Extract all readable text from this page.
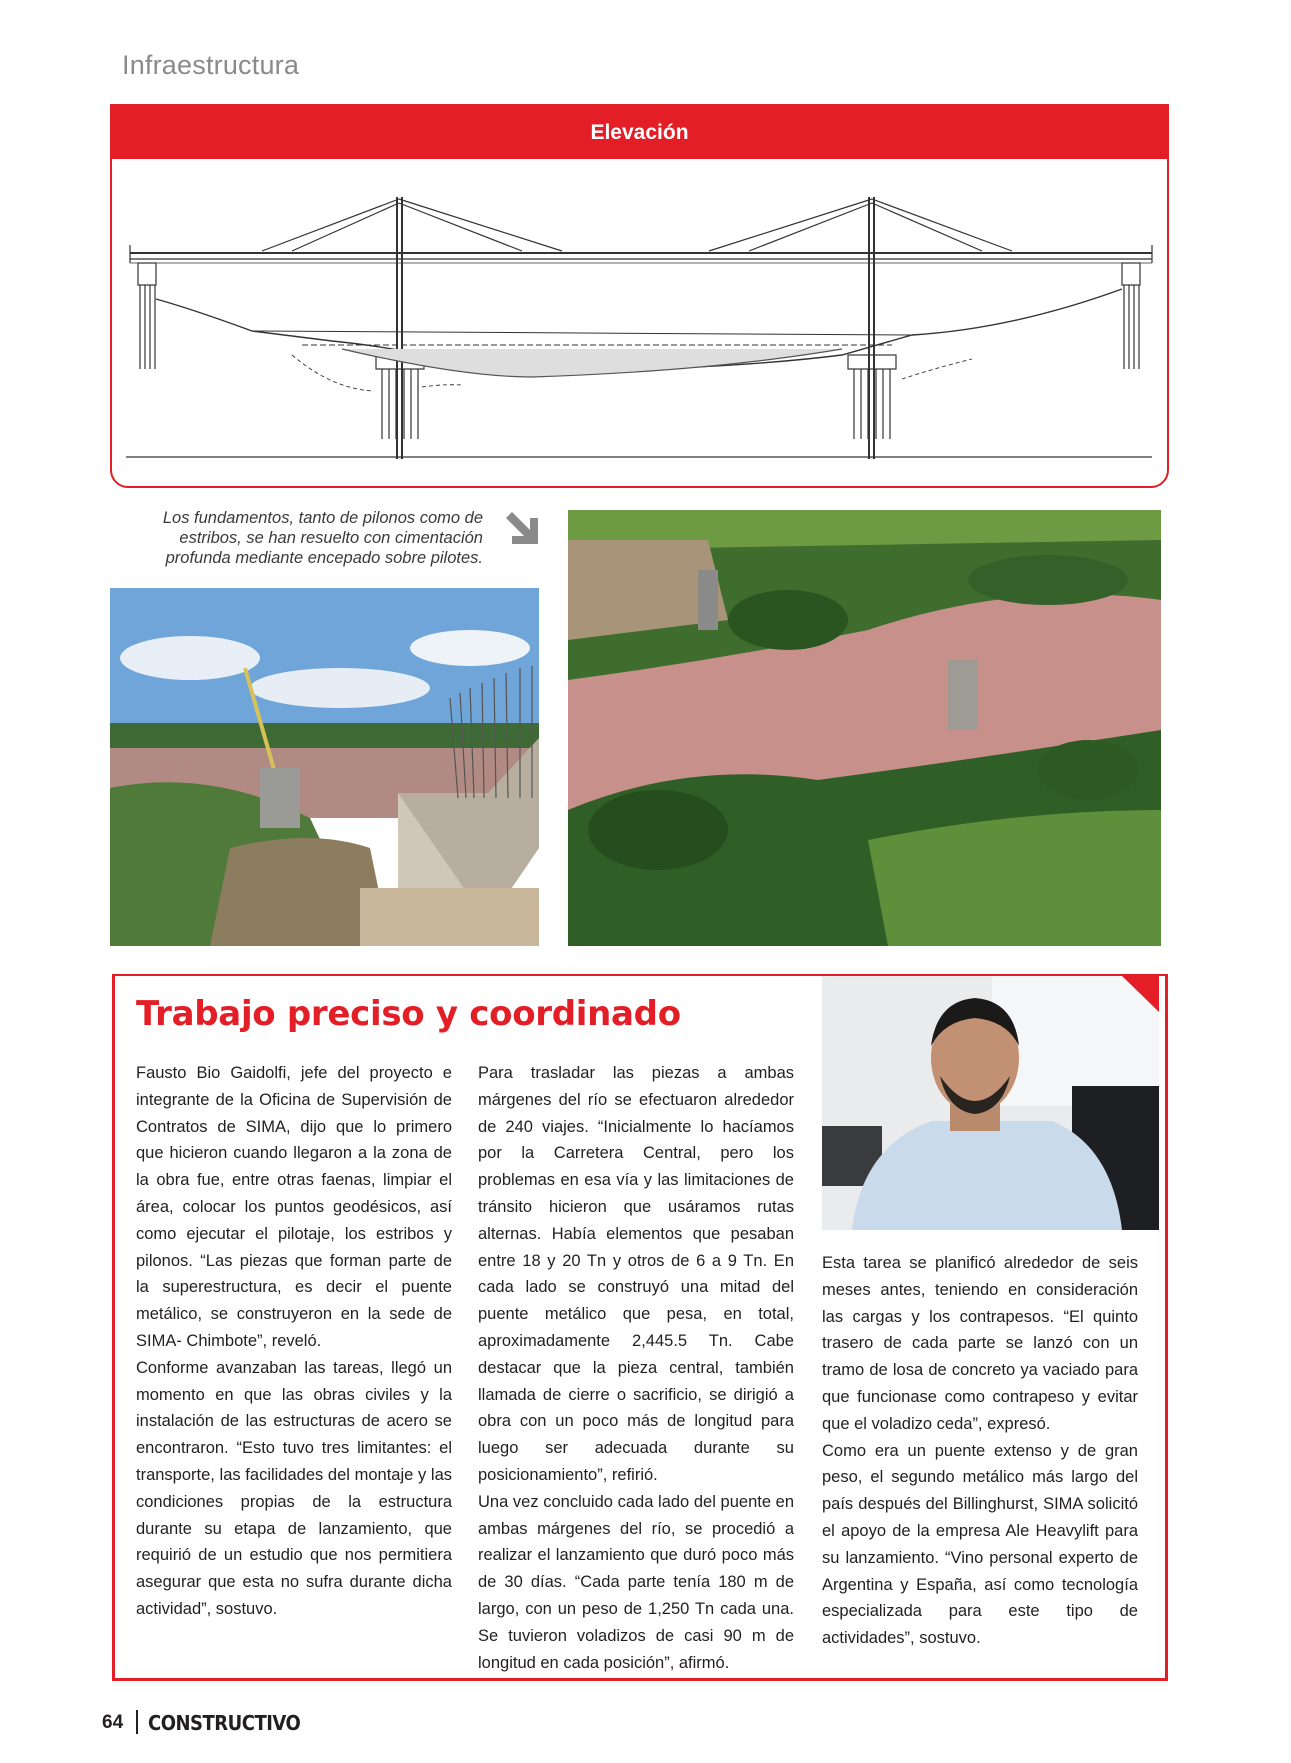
Infraestructura
Elevación
Los fundamentos, tanto de pilonos como de estribos, se han resuelto con cimentación profunda mediante encepado sobre pilotes.
Trabajo preciso y coordinado

Fausto Bio Gaidolfi, jefe del proyecto e integrante de la Oficina de Supervisión de Contratos de SIMA, dijo que lo primero que hicieron cuando llegaron a la zona de la obra fue, entre otras faenas, limpiar el área, colocar los puntos geodésicos, así como ejecutar el pilotaje, los estribos y pilonos. “Las piezas que forman parte de la superestructura, es decir el puente metálico, se construyeron en la sede de SIMA- Chimbote”, reveló.

Conforme avanzaban las tareas, llegó un momento en que las obras civiles y la instalación de las estructuras de acero se encontraron. “Esto tuvo tres limitantes: el transporte, las facilidades del montaje y las condiciones propias de la estructura durante su etapa de lanzamiento, que requirió de un estudio que nos permitiera asegurar que esta no sufra durante dicha actividad”, sostuvo.

Para trasladar las piezas a ambas márgenes del río se efectuaron alrededor de 240 viajes. “Inicialmente lo hacíamos por la Carretera Central, pero los problemas en esa vía y las limitaciones de tránsito hicieron que usáramos rutas alternas. Había elementos que pesaban entre 18 y 20 Tn y otros de 6 a 9 Tn. En cada lado se construyó una mitad del puente metálico que pesa, en total, aproximadamente 2,445.5 Tn. Cabe destacar que la pieza central, también llamada de cierre o sacrificio, se dirigió a obra con un poco más de longitud para luego ser adecuada durante su posicionamiento”, refirió.

Una vez concluido cada lado del puente en ambas márgenes del río, se procedió a realizar el lanzamiento que duró poco más de 30 días. “Cada parte tenía 180 m de largo, con un peso de 1,250 Tn cada una. Se tuvieron voladizos de casi 90 m de longitud en cada posición”, afirmó.

Esta tarea se planificó alrededor de seis meses antes, teniendo en consideración las cargas y los contrapesos. “El quinto trasero de cada parte se lanzó con un tramo de losa de concreto ya vaciado para que funcionase como contrapeso y evitar que el voladizo ceda”, expresó.

Como era un puente extenso y de gran peso, el segundo metálico más largo del país después del Billinghurst, SIMA solicitó el apoyo de la empresa Ale Heavylift para su lanzamiento. “Vino personal experto de Argentina y España, así como tecnología especializada para este tipo de actividades”, sostuvo.

64 CONSTRUCTIVO
